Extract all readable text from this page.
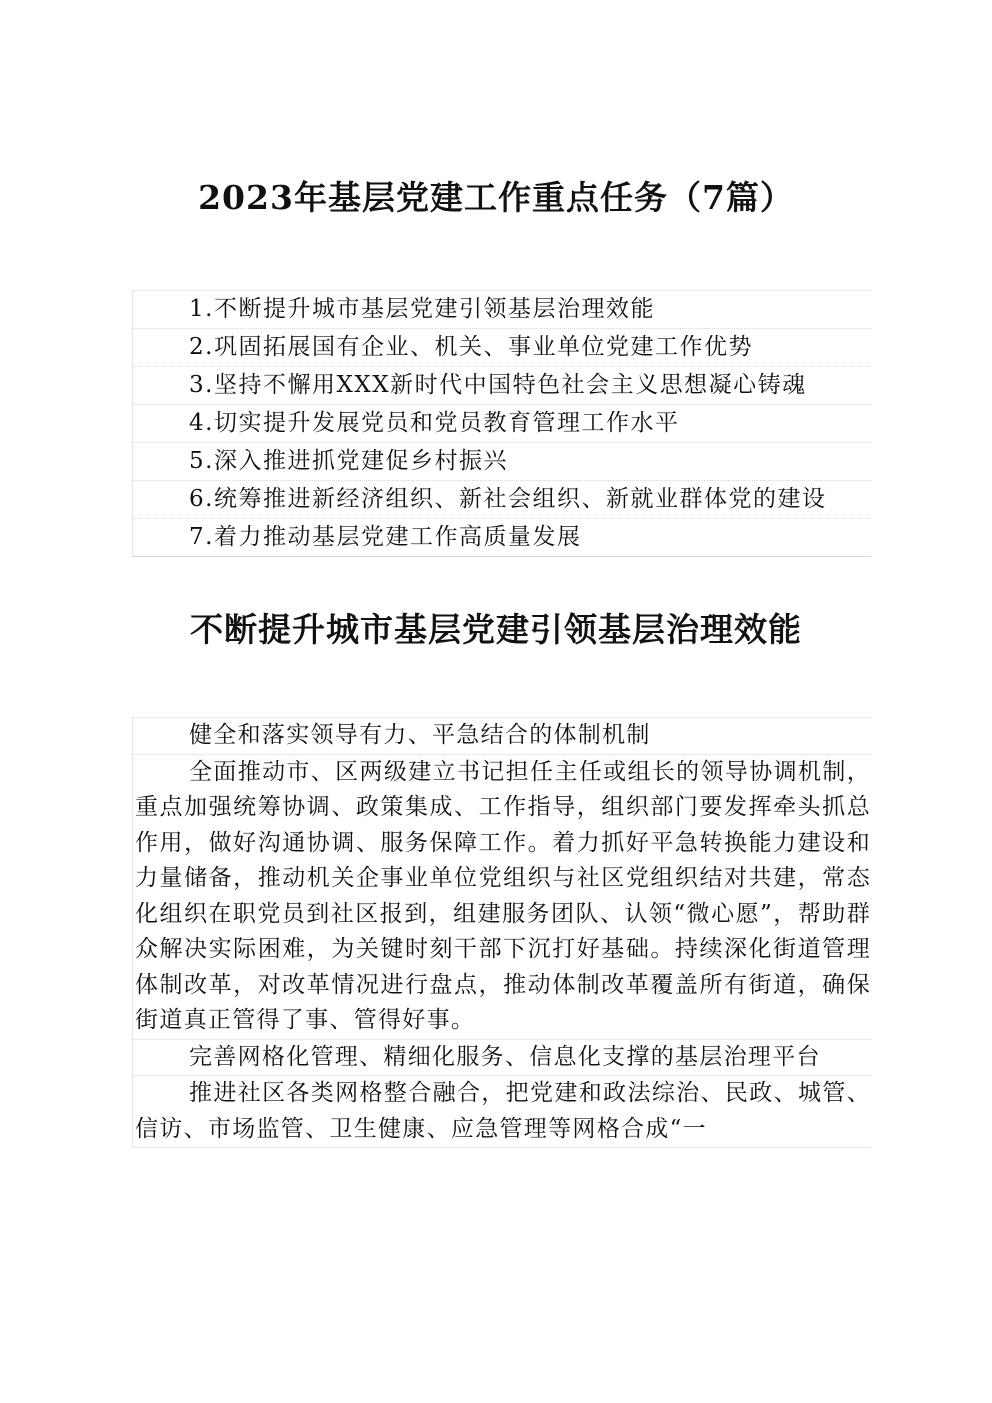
2023年基层党建工作重点任务（7篇）
1.不断提升城市基层党建引领基层治理效能
2.巩固拓展国有企业、机关、事业单位党建工作优势
3.坚持不懈用XXX新时代中国特色社会主义思想凝心铸魂
4.切实提升发展党员和党员教育管理工作水平
5.深入推进抓党建促乡村振兴
6.统筹推进新经济组织、新社会组织、新就业群体党的建设
7.着力推动基层党建工作高质量发展
不断提升城市基层党建引领基层治理效能

健全和落实领导有力、平急结合的体制机制

全面推动市、区两级建立书记担任主任或组长的领导协调机制，重点加强统筹协调、政策集成、工作指导，组织部门要发挥牵头抓总作用，做好沟通协调、服务保障工作。着力抓好平急转换能力建设和力量储备，推动机关企事业单位党组织与社区党组织结对共建，常态化组织在职党员到社区报到，组建服务团队、认领“微心愿”，帮助群众解决实际困难，为关键时刻干部下沉打好基础。持续深化街道管理体制改革，对改革情况进行盘点，推动体制改革覆盖所有街道，确保街道真正管得了事、管得好事。

完善网格化管理、精细化服务、信息化支撑的基层治理平台

推进社区各类网格整合融合，把党建和政法综治、民政、城管、信访、市场监管、卫生健康、应急管理等网格合成“一
